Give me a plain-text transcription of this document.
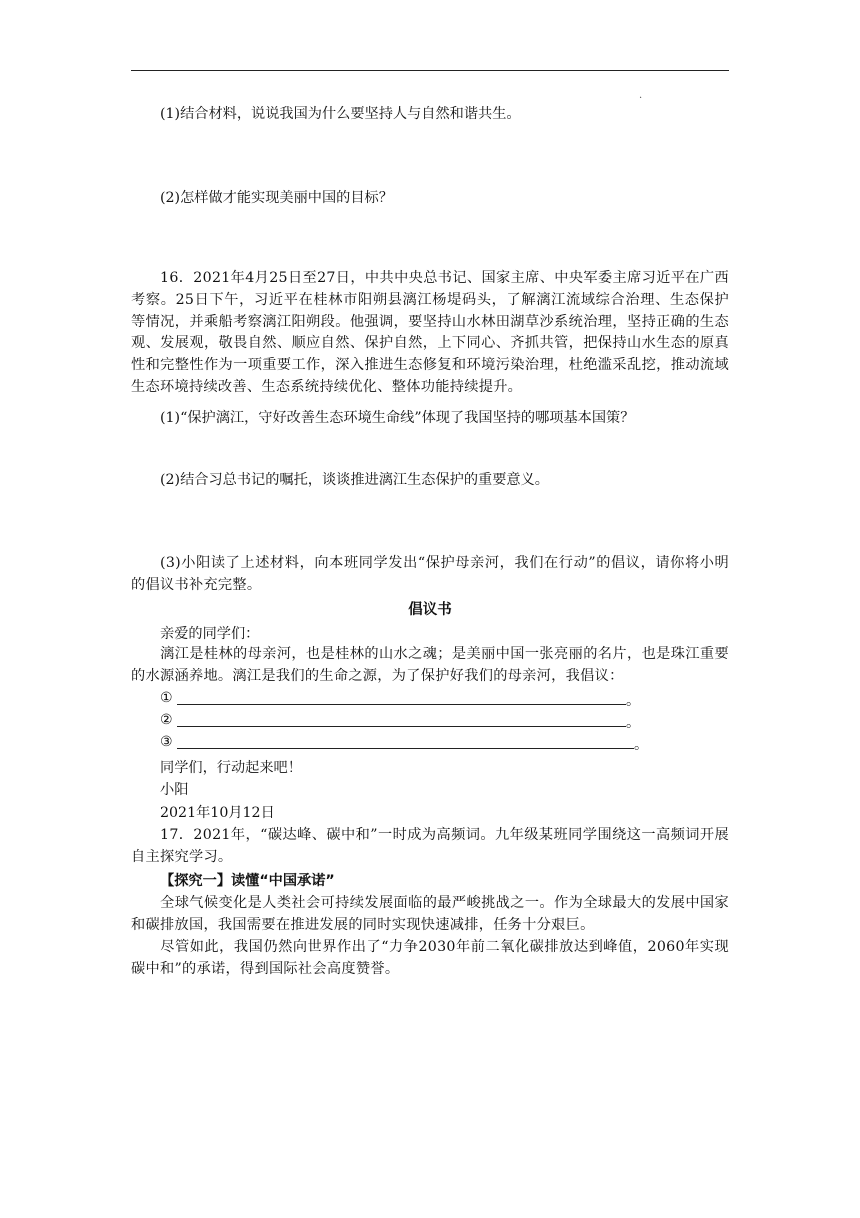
.
(1)结合材料，说说我国为什么要坚持人与自然和谐共生。
(2)怎样做才能实现美丽中国的目标？
16．2021年4月25日至27日，中共中央总书记、国家主席、中央军委主席习近平在广西考察。25日下午，习近平在桂林市阳朔县漓江杨堤码头，了解漓江流域综合治理、生态保护等情况，并乘船考察漓江阳朔段。他强调，要坚持山水林田湖草沙系统治理，坚持正确的生态观、发展观，敬畏自然、顺应自然、保护自然，上下同心、齐抓共管，把保持山水生态的原真性和完整性作为一项重要工作，深入推进生态修复和环境污染治理，杜绝滥采乱挖，推动流域生态环境持续改善、生态系统持续优化、整体功能持续提升。
(1)“保护漓江，守好改善生态环境生命线”体现了我国坚持的哪项基本国策？
(2)结合习总书记的嘱托，谈谈推进漓江生态保护的重要意义。
(3)小阳读了上述材料，向本班同学发出“保护母亲河，我们在行动”的倡议，请你将小明的倡议书补充完整。
倡议书
亲爱的同学们：
漓江是桂林的母亲河，也是桂林的山水之魂；是美丽中国一张亮丽的名片，也是珠江重要的水源涵养地。漓江是我们的生命之源，为了保护好我们的母亲河，我倡议：
①	。
②	。
③	。
同学们，行动起来吧！
小阳
2021年10月12日
17．2021年，“碳达峰、碳中和”一时成为高频词。九年级某班同学围绕这一高频词开展自主探究学习。
【探究一】读懂“中国承诺”
全球气候变化是人类社会可持续发展面临的最严峻挑战之一。作为全球最大的发展中国家和碳排放国，我国需要在推进发展的同时实现快速减排，任务十分艰巨。
尽管如此，我国仍然向世界作出了“力争2030年前二氧化碳排放达到峰值，2060年实现碳中和”的承诺，得到国际社会高度赞誉。
